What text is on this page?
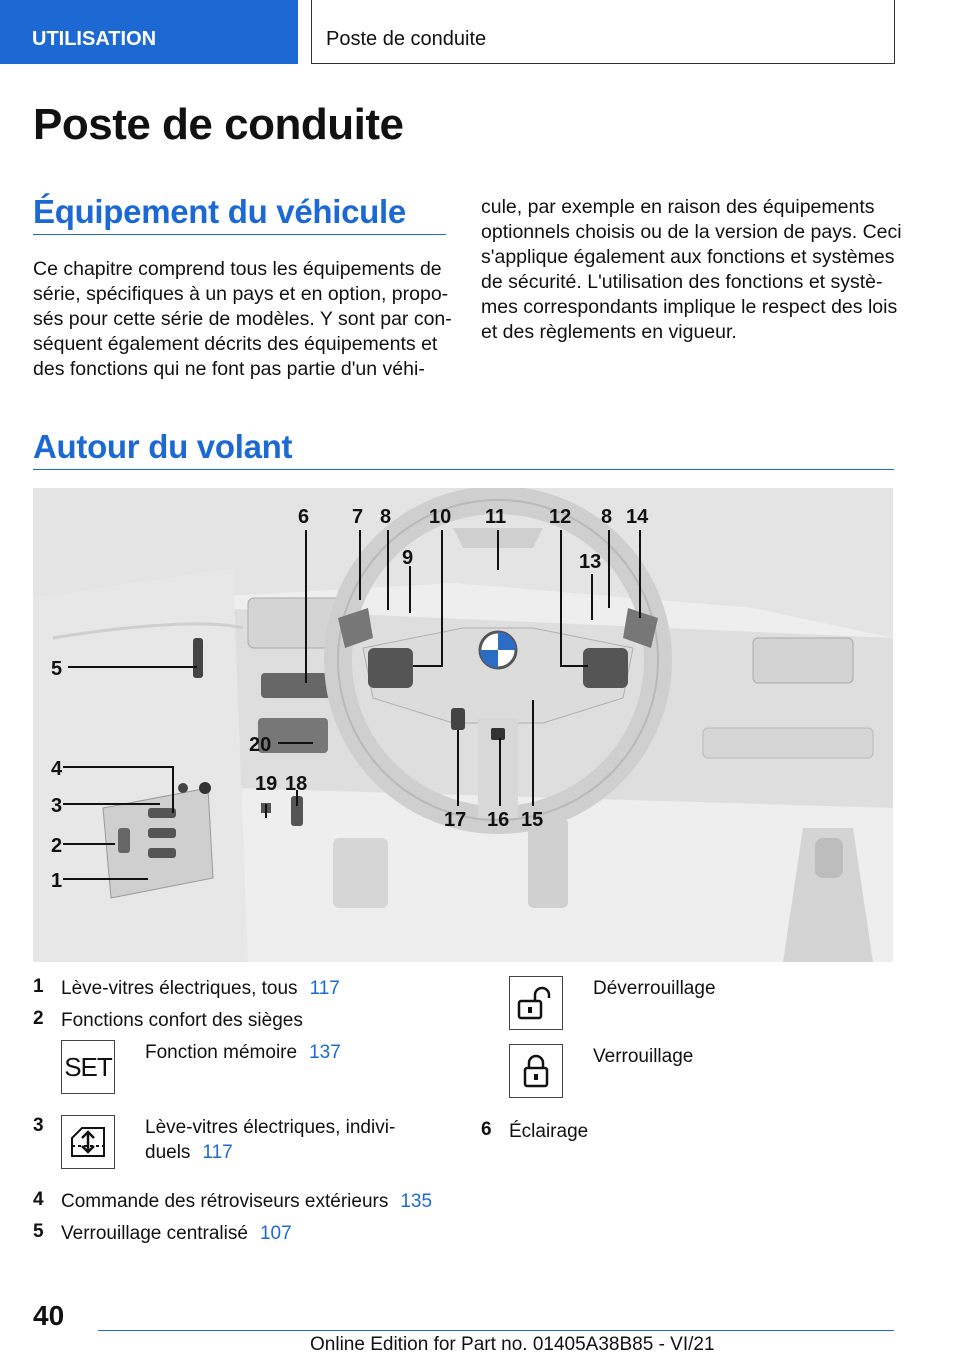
UTILISATION	Poste de conduite
Poste de conduite
Équipement du véhicule
Ce chapitre comprend tous les équipements de
série, spécifiques à un pays et en option, propo-
sés pour cette série de modèles. Y sont par con-
séquent également décrits des équipements et
des fonctions qui ne font pas partie d'un véhi-
cule, par exemple en raison des équipements
optionnels choisis ou de la version de pays. Ceci
s'applique également aux fonctions et systèmes
de sécurité. L'utilisation des fonctions et systè-
mes correspondants implique le respect des lois
et des règlements en vigueur.
Autour du volant
6 7 8
9
10 11 12 8
13
14
5
4
3
2
1
20
19 18
17 16 15
1 Lève-vitres électriques, tous 117
2 Fonctions confort des sièges
SET Fonction mémoire 137
3	Lève-vitres électriques, indivi-
duels 117
4 Commande des rétroviseurs extérieurs 135
5 Verrouillage centralisé 107
Déverrouillage
Verrouillage
6 Éclairage
40
Online Edition for Part no. 01405A38B85 - VI/21
